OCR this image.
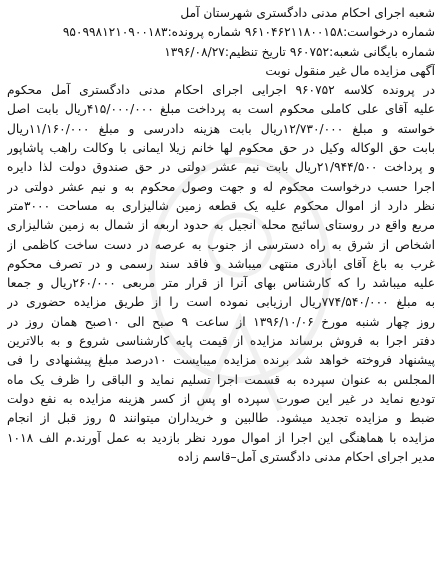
شعبه اجرای احکام مدنی دادگستری شهرستان آمل
شماره درخواست:۹۶۱۰۴۶۲۱۱۸۰۰۱۵۸ شماره پرونده:۹۵۰۹۹۸۱۲۱۰۹۰۰۱۸۳
شماره بایگانی شعبه:۹۶۰۷۵۲ تاریخ تنظیم:۱۳۹۶/۰۸/۲۷
آگهی مزایده مال غیر منقول نوبت
در پرونده کلاسه ۹۶۰۷۵۲ اجرایی اجرای احکام مدنی دادگستری آمل محکوم
علیه آقای علی کاملی محکوم است به پرداخت مبلغ ۴۱۵/۰۰۰/۰۰۰ریال بابت اصل
خواسته و مبلغ ۱۲/۷۳۰/۰۰۰ریال بابت هزینه دادرسی و مبلغ ۱۱/۱۶۰/۰۰۰ریال
بابت حق الوکاله وکیل در حق محکوم لها خانم زیلا ایمانی با وکالت راهب پاشاپور
و پرداخت ۲۱/۹۴۴/۵۰۰ریال بابت نیم عشر دولتی در حق صندوق دولت لذا دایره
اجرا حسب درخواست محکوم له و جهت وصول محکوم به و نیم عشر دولتی در
نظر دارد از اموال محکوم علیه یک قطعه زمین شالیزاری به مساحت ۳۰۰۰متر
مربع واقع در روستای سائیج محله انجیل به حدود اربعه از شمال به زمین شالیزاری
اشخاص از شرق به راه دسترسی از جنوب به عرصه در دست ساخت کاظمی از
غرب به باغ آقای اباذری منتهی میباشد و فاقد سند رسمی و در تصرف محکوم
علیه میباشد را که کارشناس بهای آنرا از قرار متر مربعی ۲۶۰/۰۰۰ریال و جمعا
به مبلغ ۷۷۴/۵۴۰/۰۰۰ریال ارزیابی نموده است را از طریق مزایده حضوری در
روز چهار شنبه مورخ ۱۳۹۶/۱۰/۰۶ از ساعت ۹ صبح الی ۱۰صبح همان روز در
دفتر اجرا به فروش برساند مزایده از قیمت پایه کارشناسی شروع و به بالاترین
پیشنهاد فروخته خواهد شد برنده مزایده میبایست ۱۰درصد مبلغ پیشنهادی را فی
المجلس به عنوان سپرده به قسمت اجرا تسلیم نماید و الباقی را ظرف یک ماه
تودیع نماید در غیر این صورت سپرده او پس از کسر هزینه مزایده به نفع دولت
ضبط و مزایده تجدید میشود. طالبین و خریداران میتوانند ۵ روز قبل از انجام
مزایده با هماهنگی این اجرا از اموال مورد نظر بازدید به عمل آورند.م الف ۱۰۱۸
مدیر اجرای احکام مدنی دادگستری آمل–قاسم زاده
